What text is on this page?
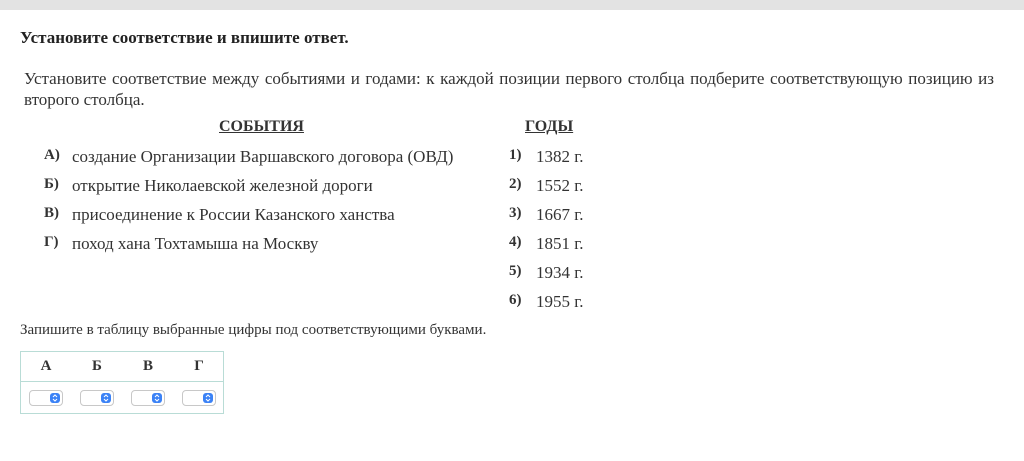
Установите соответствие и впишите ответ.
Установите соответствие между событиями и годами: к каждой позиции первого столбца подберите соответствующую позицию из второго столбца.
СОБЫТИЯ	ГОДЫ
А) создание Организации Варшавского договора (ОВД)
Б) открытие Николаевской железной дороги
В) присоединение к России Казанского ханства
Г) поход хана Тохтамыша на Москву
1) 1382 г.
2) 1552 г.
3) 1667 г.
4) 1851 г.
5) 1934 г.
6) 1955 г.
Запишите в таблицу выбранные цифры под соответствующими буквами.
А	Б	В	Г
